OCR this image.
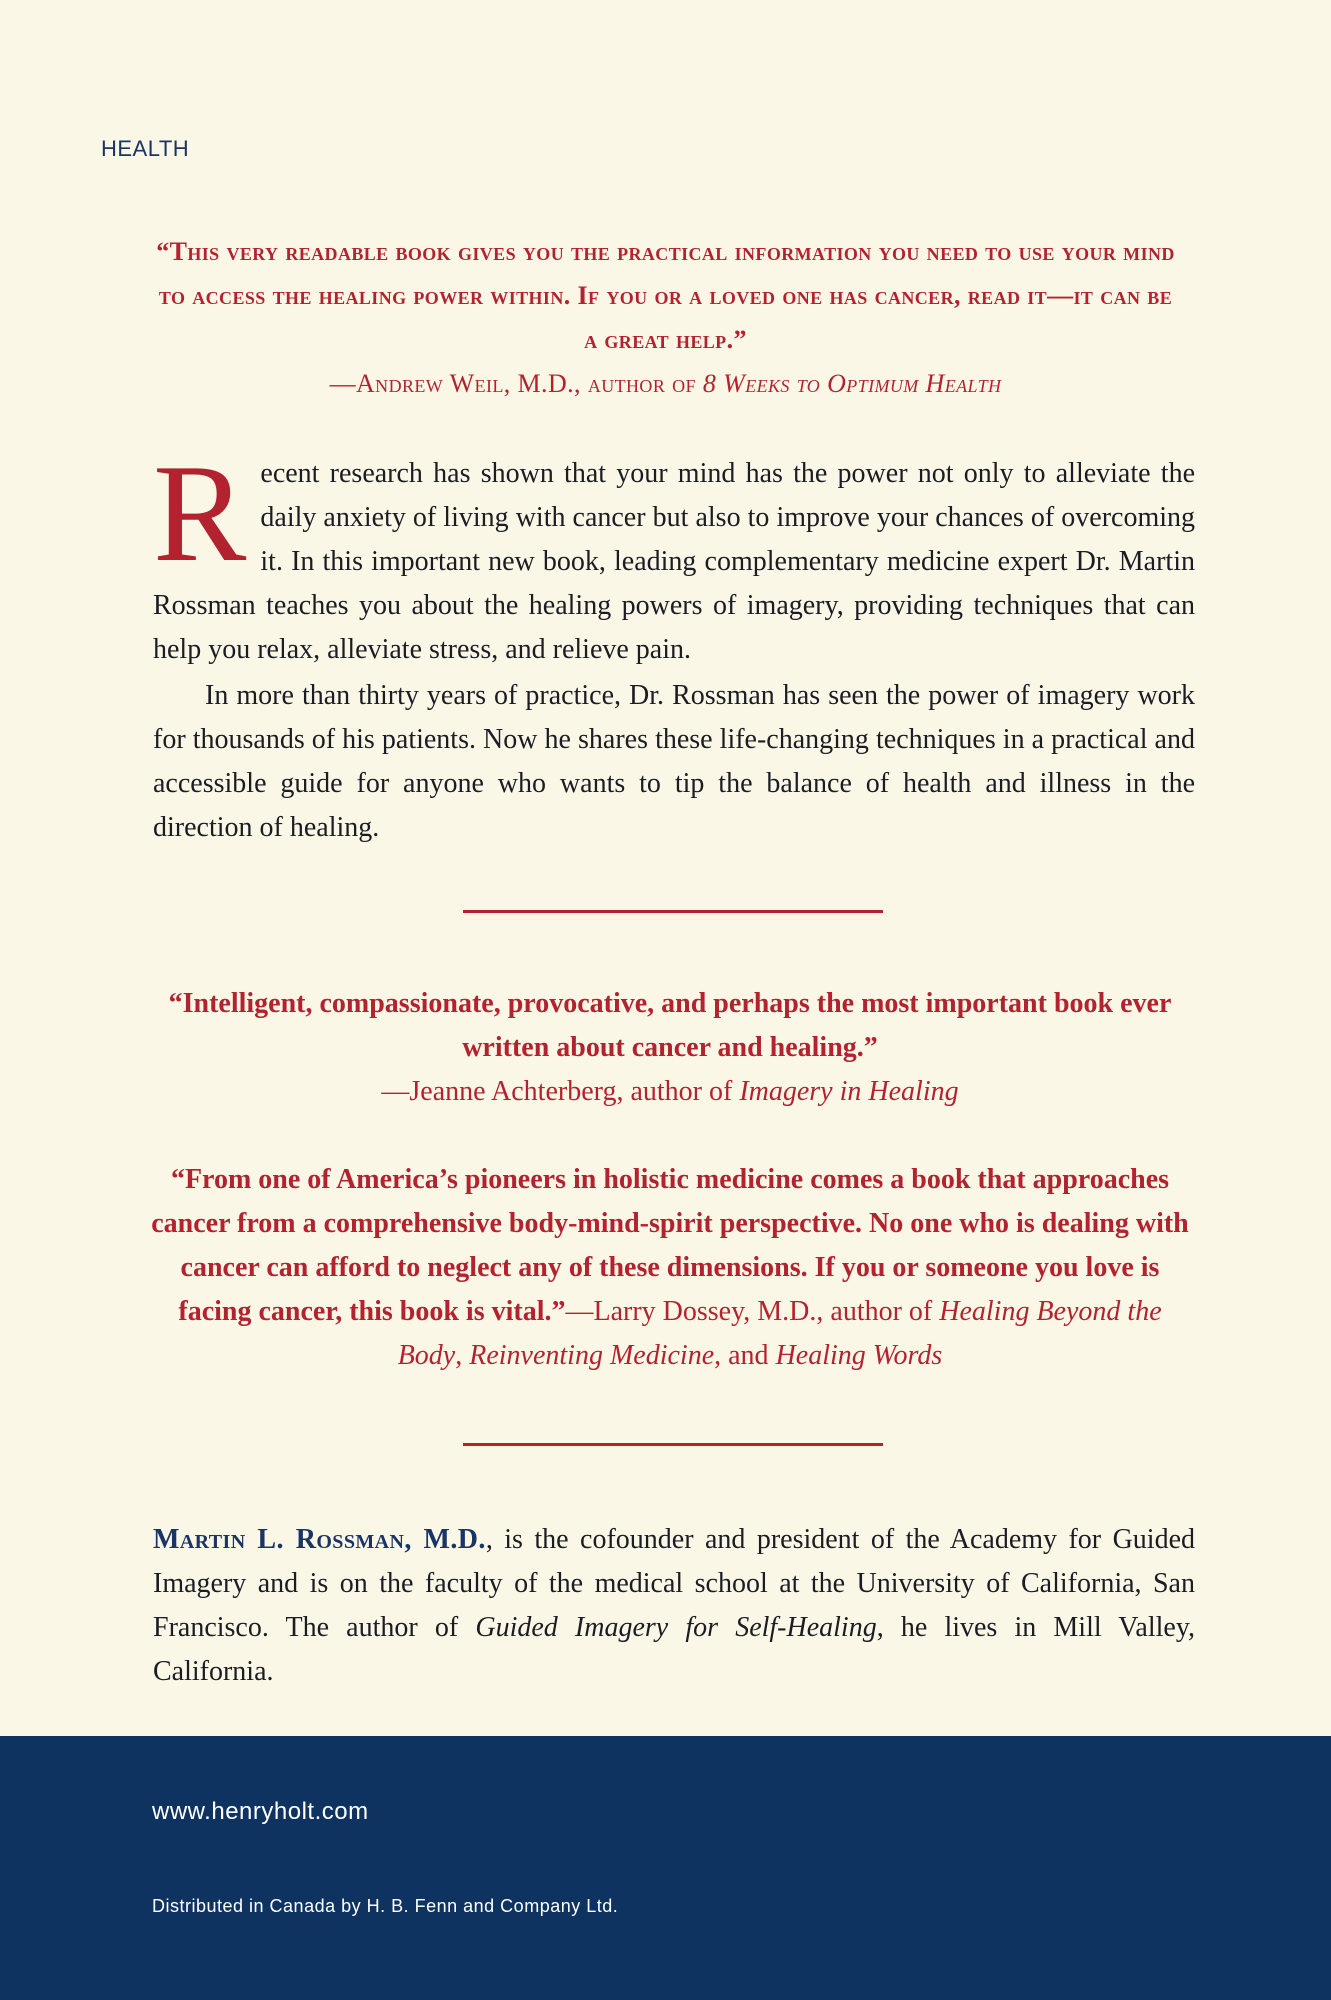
HEALTH
“This very readable book gives you the practical information you need to use your mind to access the healing power within. If you or a loved one has cancer, read it—it can be a great help.”
—Andrew Weil, M.D., author of 8 Weeks to Optimum Health

Recent research has shown that your mind has the power not only to alleviate the daily anxiety of living with cancer but also to improve your chances of overcoming it. In this important new book, leading complementary medicine expert Dr. Martin Rossman teaches you about the healing powers of imagery, providing techniques that can help you relax, alleviate stress, and relieve pain.

In more than thirty years of practice, Dr. Rossman has seen the power of imagery work for thousands of his patients. Now he shares these life-changing techniques in a practical and accessible guide for anyone who wants to tip the balance of health and illness in the direction of healing.

“Intelligent, compassionate, provocative, and perhaps the most important book ever written about cancer and healing.”
—Jeanne Achterberg, author of Imagery in Healing
“From one of America’s pioneers in holistic medicine comes a book that approaches cancer from a comprehensive body-mind-spirit perspective. No one who is dealing with cancer can afford to neglect any of these dimensions. If you or someone you love is facing cancer, this book is vital.”—Larry Dossey, M.D., author of Healing Beyond the Body, Reinventing Medicine, and Healing Words
Martin L. Rossman, M.D., is the cofounder and president of the Academy for Guided Imagery and is on the faculty of the medical school at the University of California, San Francisco. The author of Guided Imagery for Self-Healing, he lives in Mill Valley, California.
www.henryholt.com
Distributed in Canada by H. B. Fenn and Company Ltd.
